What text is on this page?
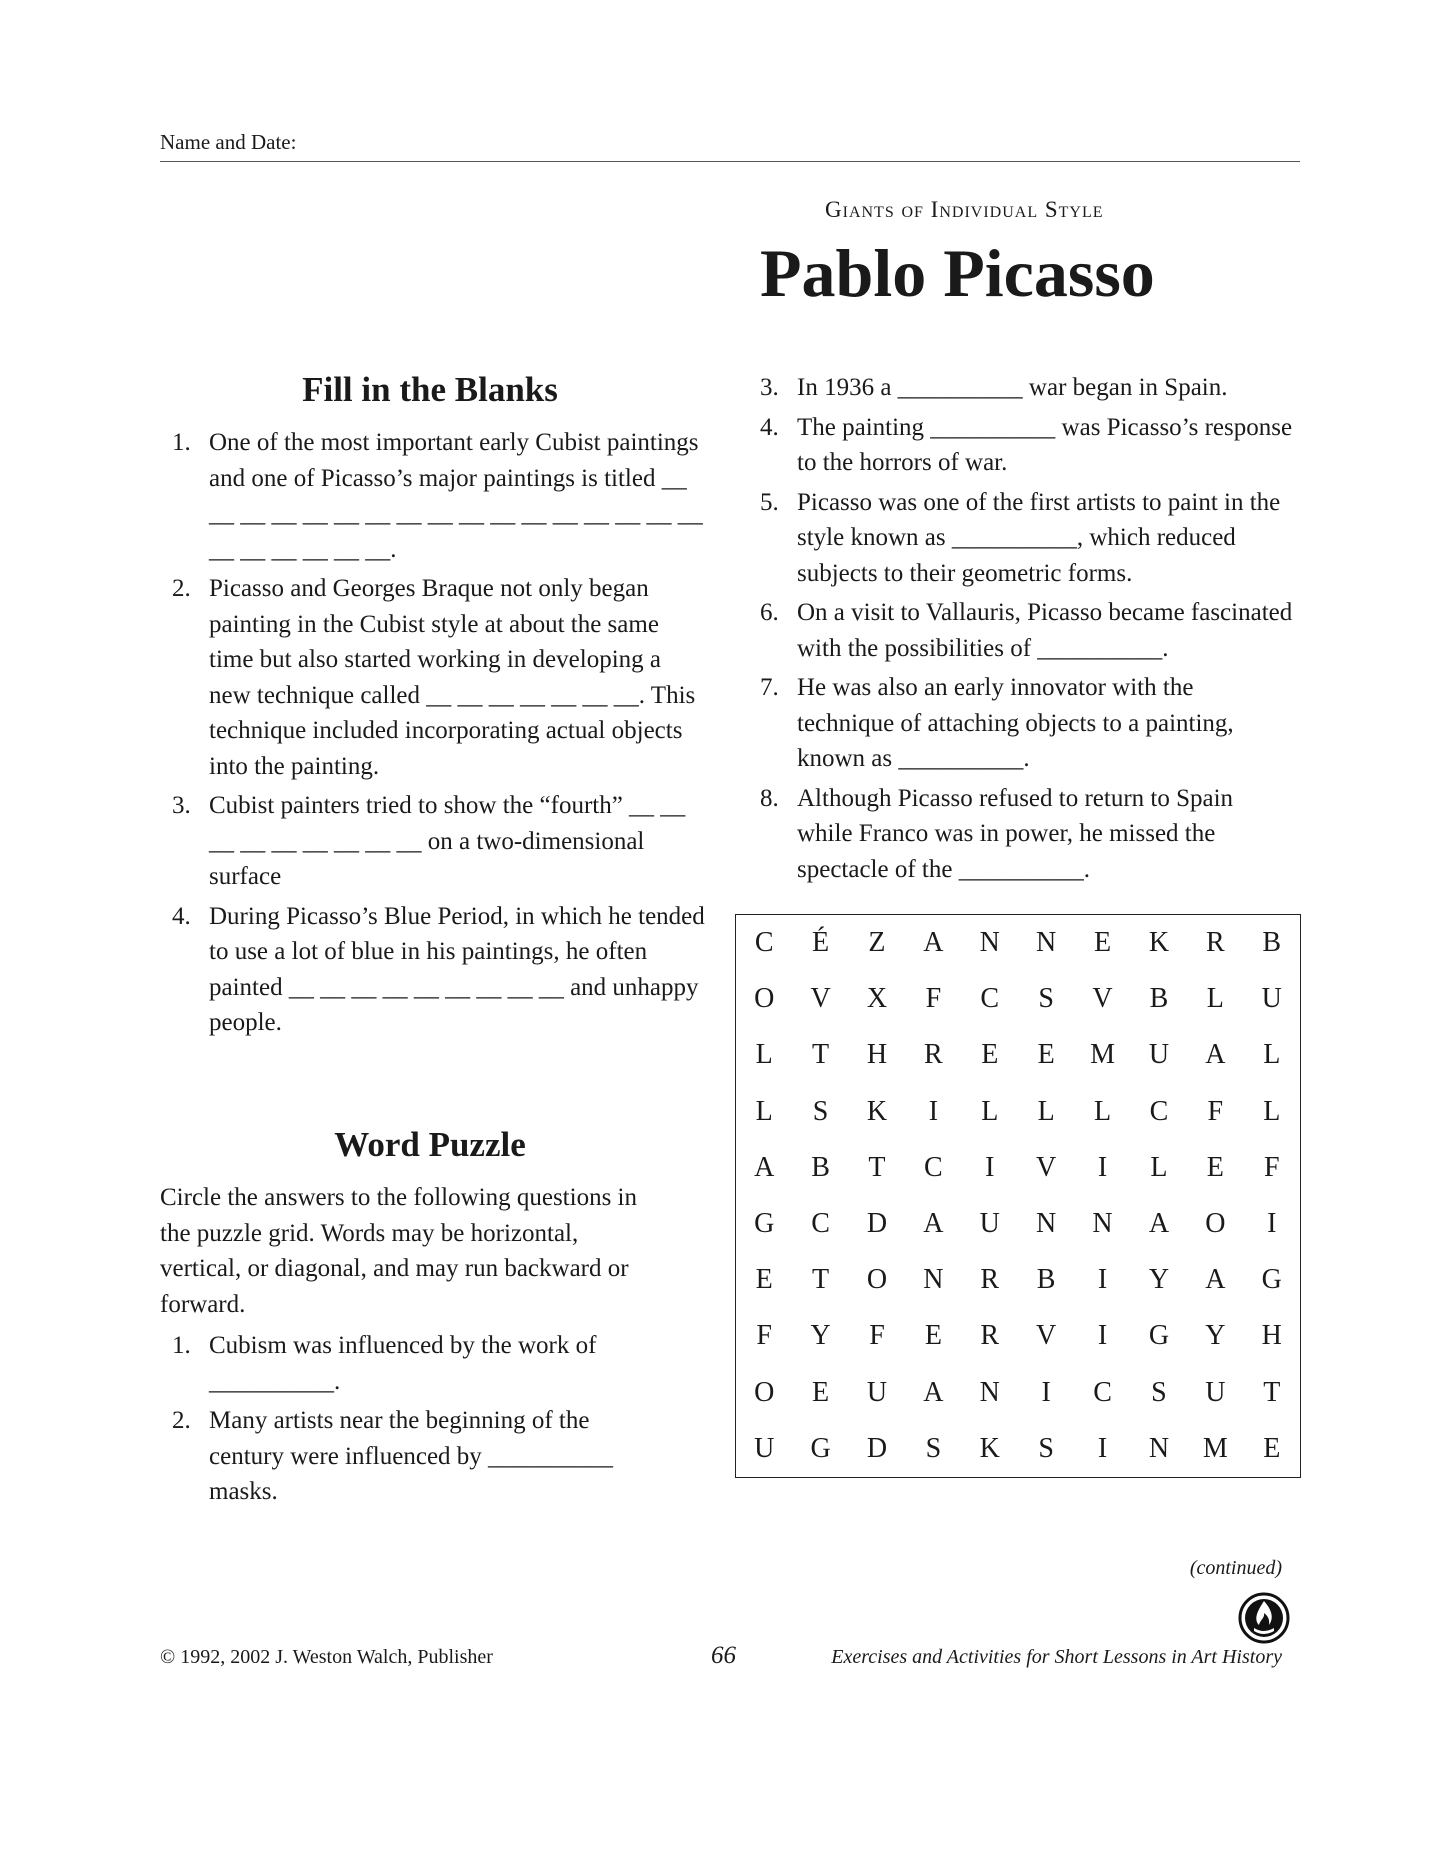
Name and Date:
Giants of Individual Style
Pablo Picasso
Fill in the Blanks
1. One of the most important early Cubist paintings and one of Picasso’s major paintings is titled __ __ __ __ __ __ __ __ __ __ __ __ __ __ __ __ __ __ __ __ __ __ __.
2. Picasso and Georges Braque not only began painting in the Cubist style at about the same time but also started working in developing a new technique called __ __ __ __ __ __ __. This technique included incorporating actual objects into the painting.
3. Cubist painters tried to show the “fourth” __ __ __ __ __ __ __ __ __ on a two-dimensional surface
4. During Picasso’s Blue Period, in which he tended to use a lot of blue in his paintings, he often painted __ __ __ __ __ __ __ __ __ and unhappy people.
Word Puzzle
Circle the answers to the following questions in the puzzle grid. Words may be horizontal, vertical, or diagonal, and may run backward or forward.
1. Cubism was influenced by the work of __________.
2. Many artists near the beginning of the century were influenced by __________ masks.
3. In 1936 a __________ war began in Spain.
4. The painting __________ was Picasso’s response to the horrors of war.
5. Picasso was one of the first artists to paint in the style known as __________, which reduced subjects to their geometric forms.
6. On a visit to Vallauris, Picasso became fascinated with the possibilities of __________.
7. He was also an early innovator with the technique of attaching objects to a painting, known as __________.
8. Although Picasso refused to return to Spain while Franco was in power, he missed the spectacle of the __________.
C	É	Z	A	N	N	E	K	R	B
O	V	X	F	C	S	V	B	L	U
L	T	H	R	E	E	M	U	A	L
L	S	K	I	L	L	L	C	F	L
A	B	T	C	I	V	I	L	E	F
G	C	D	A	U	N	N	A	O	I
E	T	O	N	R	B	I	Y	A	G
F	Y	F	E	R	V	I	G	Y	H
O	E	U	A	N	I	C	S	U	T
U	G	D	S	K	S	I	N	M	E
(continued)
© 1992, 2002 J. Weston Walch, Publisher	66	Exercises and Activities for Short Lessons in Art History
